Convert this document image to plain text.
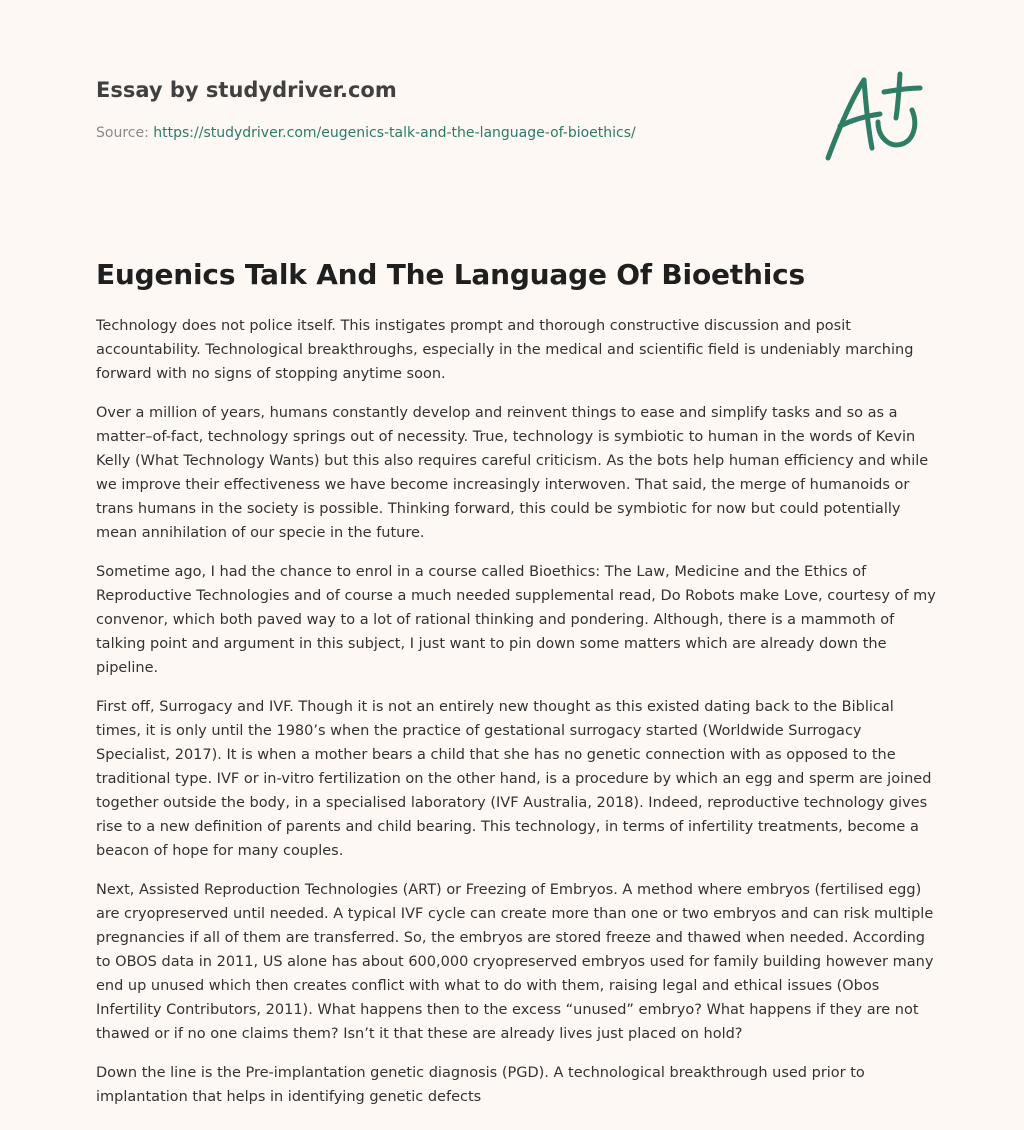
Essay by studydriver.com
Source: https://studydriver.com/eugenics-talk-and-the-language-of-bioethics/
Eugenics Talk And The Language Of Bioethics

Technology does not police itself. This instigates prompt and thorough constructive discussion and posit accountability. Technological breakthroughs, especially in the medical and scientific field is undeniably marching forward with no signs of stopping anytime soon.

Over a million of years, humans constantly develop and reinvent things to ease and simplify tasks and so as a matter–of-fact, technology springs out of necessity. True, technology is symbiotic to human in the words of Kevin Kelly (What Technology Wants) but this also requires careful criticism. As the bots help human efficiency and while we improve their effectiveness we have become increasingly interwoven. That said, the merge of humanoids or trans humans in the society is possible. Thinking forward, this could be symbiotic for now but could potentially mean annihilation of our specie in the future.

Sometime ago, I had the chance to enrol in a course called Bioethics: The Law, Medicine and the Ethics of Reproductive Technologies and of course a much needed supplemental read, Do Robots make Love, courtesy of my convenor, which both paved way to a lot of rational thinking and pondering. Although, there is a mammoth of talking point and argument in this subject, I just want to pin down some matters which are already down the pipeline.

First off, Surrogacy and IVF. Though it is not an entirely new thought as this existed dating back to the Biblical times, it is only until the 1980’s when the practice of gestational surrogacy started (Worldwide Surrogacy Specialist, 2017). It is when a mother bears a child that she has no genetic connection with as opposed to the traditional type. IVF or in-vitro fertilization on the other hand, is a procedure by which an egg and sperm are joined together outside the body, in a specialised laboratory (IVF Australia, 2018). Indeed, reproductive technology gives rise to a new definition of parents and child bearing. This technology, in terms of infertility treatments, become a beacon of hope for many couples.

Next, Assisted Reproduction Technologies (ART) or Freezing of Embryos. A method where embryos (fertilised egg) are cryopreserved until needed. A typical IVF cycle can create more than one or two embryos and can risk multiple pregnancies if all of them are transferred. So, the embryos are stored freeze and thawed when needed. According to OBOS data in 2011, US alone has about 600,000 cryopreserved embryos used for family building however many end up unused which then creates conflict with what to do with them, raising legal and ethical issues (Obos Infertility Contributors, 2011). What happens then to the excess “unused” embryo? What happens if they are not thawed or if no one claims them? Isn’t it that these are already lives just placed on hold?

Down the line is the Pre-implantation genetic diagnosis (PGD). A technological breakthrough used prior to implantation that helps in identifying genetic defects
